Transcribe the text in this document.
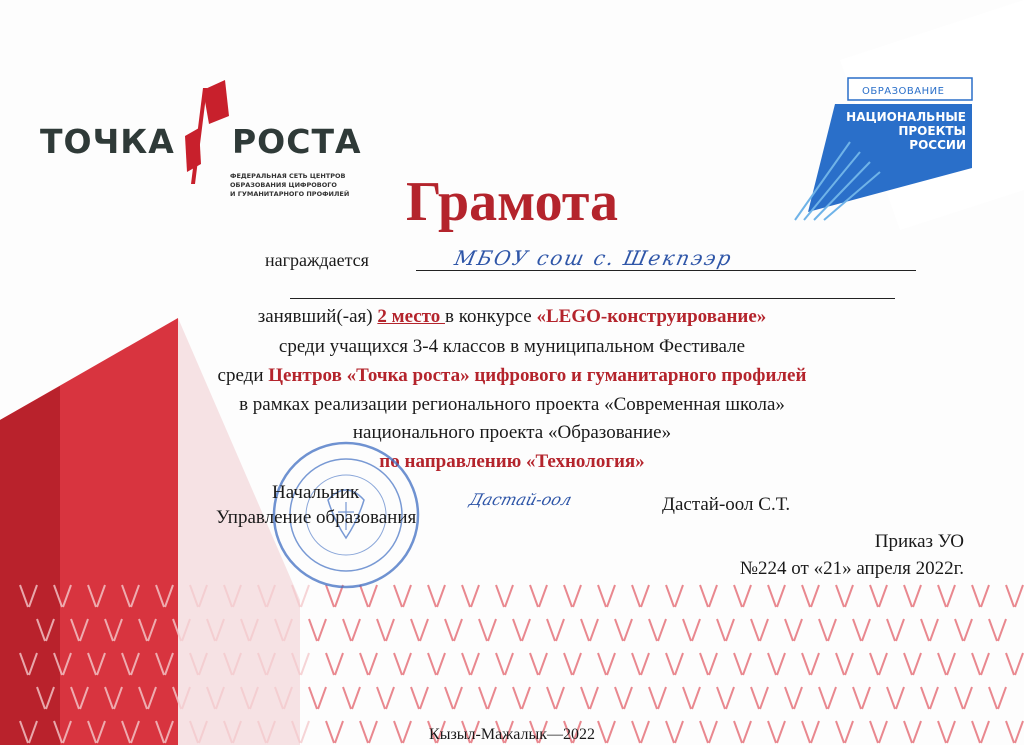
ТОЧКА РОСТА
ФЕДЕРАЛЬНАЯ СЕТЬ ЦЕНТРОВ
ОБРАЗОВАНИЯ ЦИФРОВОГО
И ГУМАНИТАРНОГО ПРОФИЛЕЙ
ОБРАЗОВАНИЕ
НАЦИОНАЛЬНЫЕ
ПРОЕКТЫ
РОССИИ
Грамота
награждается	МБОУ сош с. Шекпээр
занявший(-ая) 2 место в конкурсе «LEGO-конструирование»
среди учащихся 3-4 классов в муниципальном Фестивале
среди Центров «Точка роста» цифрового и гуманитарного профилей
в рамках реализации регионального проекта «Современная школа»
национального проекта «Образование»
по направлению «Технология»
Начальник
Управление образования
Дастай-оол	Дастай-оол С.Т.
Приказ УО
№224 от «21» апреля 2022г.
Кызыл-Мажалык—2022
